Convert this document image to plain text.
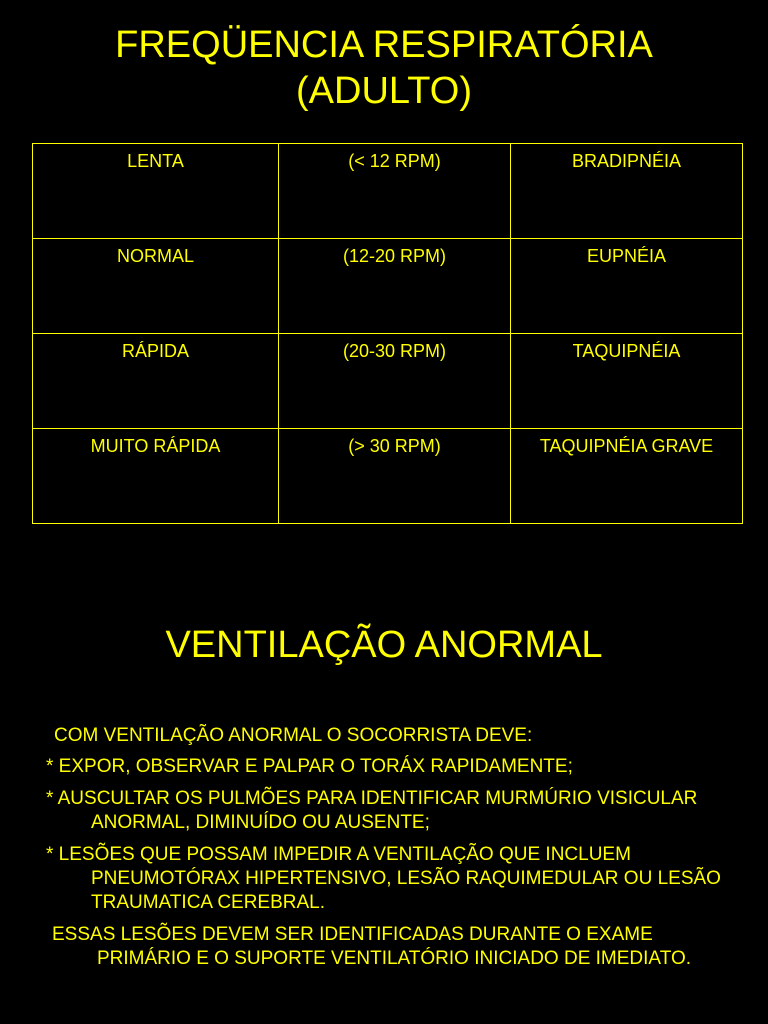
FREQÜENCIA RESPIRATÓRIA
(ADULTO)
LENTA	(< 12 RPM)	BRADIPNÉIA
NORMAL	(12-20 RPM)	EUPNÉIA
RÁPIDA	(20-30 RPM)	TAQUIPNÉIA
MUITO RÁPIDA	(> 30 RPM)	TAQUIPNÉIA GRAVE
VENTILAÇÃO ANORMAL

COM VENTILAÇÃO ANORMAL O SOCORRISTA DEVE:

* EXPOR, OBSERVAR E PALPAR O TORÁX RAPIDAMENTE;

* AUSCULTAR OS PULMÕES PARA IDENTIFICAR MURMÚRIO VISICULAR ANORMAL, DIMINUÍDO OU AUSENTE;

* LESÕES QUE POSSAM IMPEDIR A VENTILAÇÃO QUE INCLUEM PNEUMOTÓRAX HIPERTENSIVO, LESÃO RAQUIMEDULAR OU LESÃO TRAUMATICA CEREBRAL.

ESSAS LESÕES DEVEM SER IDENTIFICADAS DURANTE O EXAME PRIMÁRIO E O SUPORTE VENTILATÓRIO INICIADO DE IMEDIATO.
